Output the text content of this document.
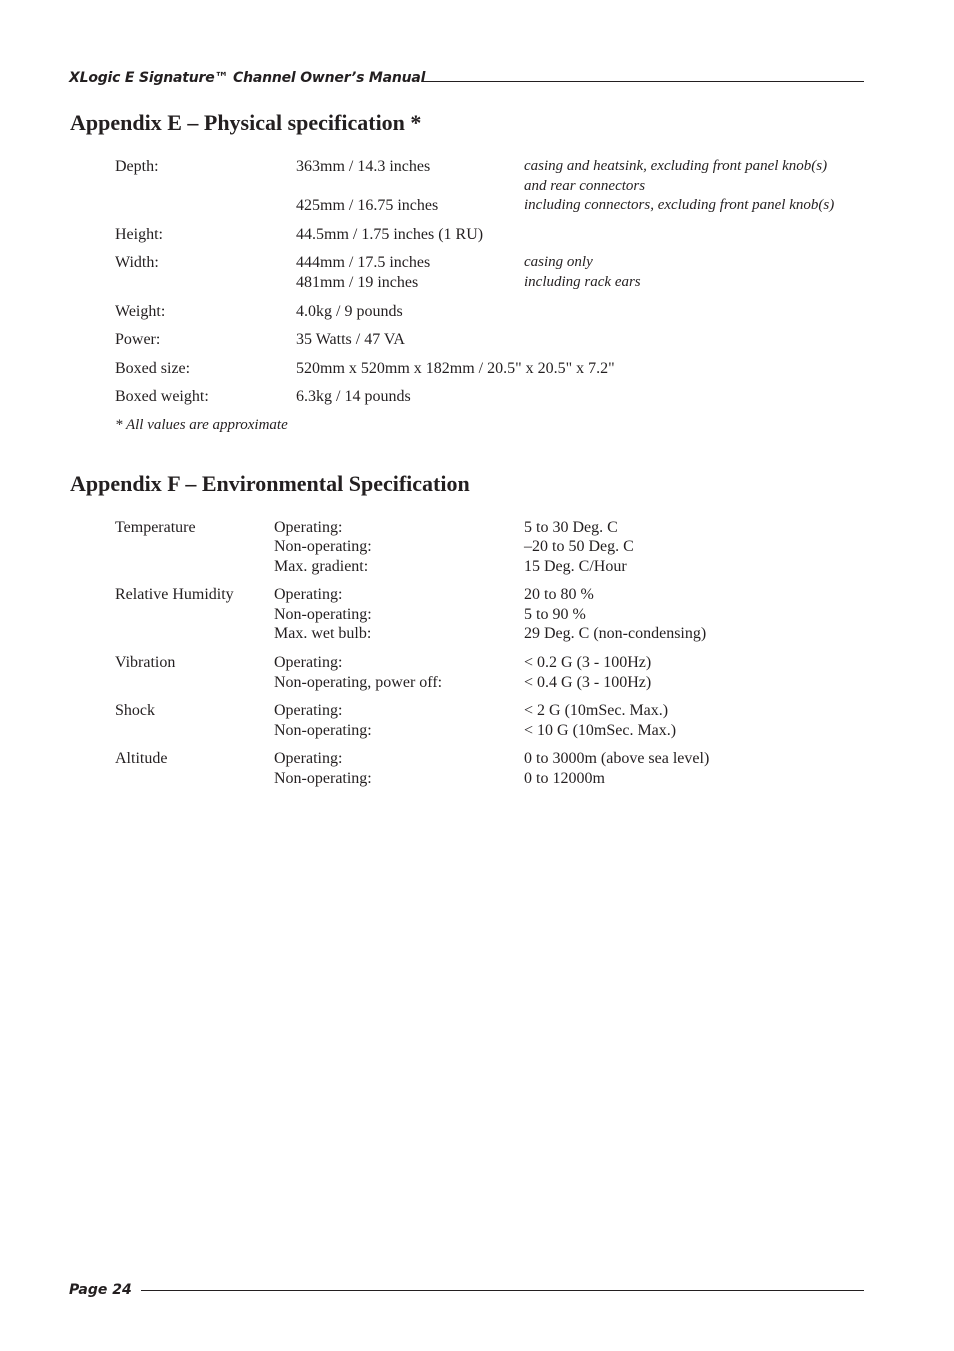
XLogic E Signature™ Channel Owner’s Manual
Appendix E – Physical specification *
Depth:	363mm / 14.3 inches	casing and heatsink, excluding front panel knob(s)
and rear connectors
425mm / 16.75 inches	including connectors, excluding front panel knob(s)
Height:	44.5mm / 1.75 inches (1 RU)
Width:	444mm / 17.5 inches	casing only
481mm / 19 inches	including rack ears
Weight:	4.0kg / 9 pounds
Power:	35 Watts / 47 VA
Boxed size:	520mm x 520mm x 182mm / 20.5" x 20.5" x 7.2"
Boxed weight:	6.3kg / 14 pounds
* All values are approximate
Appendix F – Environmental Specification
Temperature	Operating:	5 to 30 Deg. C
Non-operating:	–20 to 50 Deg. C
Max. gradient:	15 Deg. C/Hour
Relative Humidity	Operating:	20 to 80 %
Non-operating:	5 to 90 %
Max. wet bulb:	29 Deg. C (non-condensing)
Vibration	Operating:	< 0.2 G (3 - 100Hz)
Non-operating, power off:	< 0.4 G (3 - 100Hz)
Shock	Operating:	< 2 G (10mSec. Max.)
Non-operating:	< 10 G (10mSec. Max.)
Altitude	Operating:	0 to 3000m (above sea level)
Non-operating:	0 to 12000m
Page 24
